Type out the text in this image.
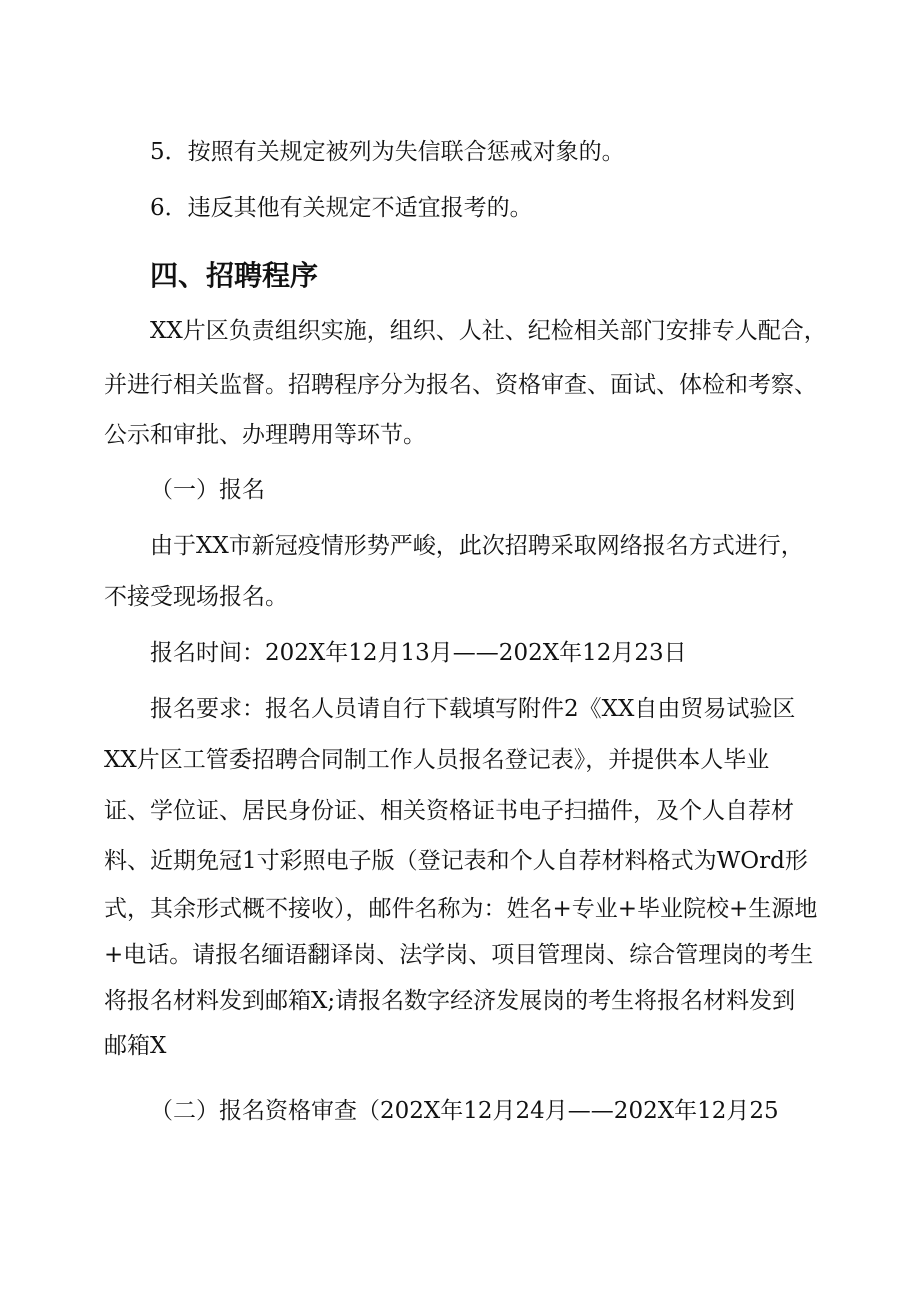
5．按照有关规定被列为失信联合惩戒对象的。
6．违反其他有关规定不适宜报考的。
四、招聘程序
XX片区负责组织实施，组织、人社、纪检相关部门安排专人配合，
并进行相关监督。招聘程序分为报名、资格审查、面试、体检和考察、
公示和审批、办理聘用等环节。
（一）报名
由于XX市新冠疫情形势严峻，此次招聘采取网络报名方式进行，
不接受现场报名。
报名时间：202X年12月13月——202X年12月23日
报名要求：报名人员请自行下载填写附件2《XX自由贸易试验区
XX片区工管委招聘合同制工作人员报名登记表》，并提供本人毕业
证、学位证、居民身份证、相关资格证书电子扫描件，及个人自荐材
料、近期免冠1寸彩照电子版（登记表和个人自荐材料格式为WOrd形
式，其余形式概不接收），邮件名称为：姓名+专业+毕业院校+生源地
+电话。请报名缅语翻译岗、法学岗、项目管理岗、综合管理岗的考生
将报名材料发到邮箱X;请报名数字经济发展岗的考生将报名材料发到
邮箱X
（二）报名资格审查（202X年12月24月——202X年12月25
